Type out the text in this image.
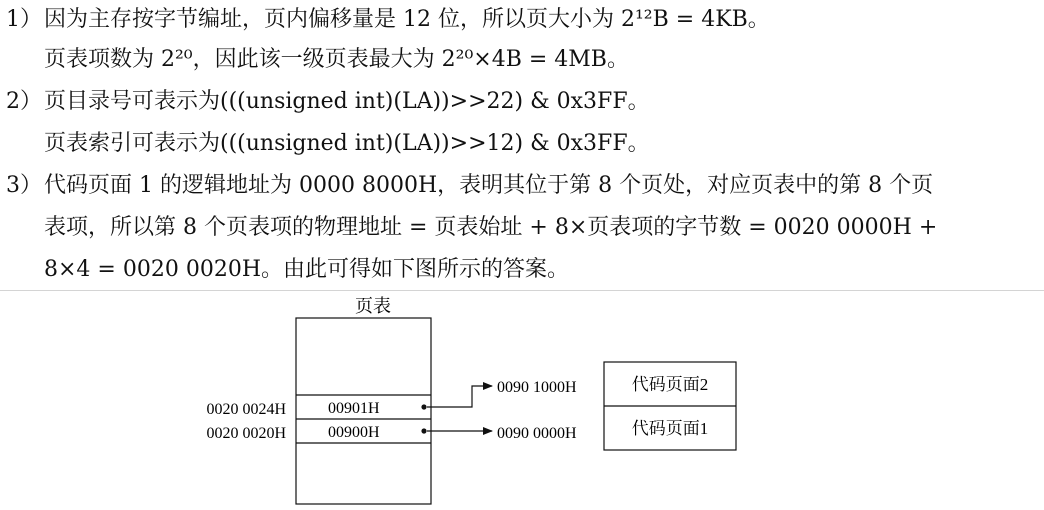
1） 因为主存按字节编址，页内偏移量是 12 位，所以页大小为 2¹²B = 4KB。
页表项数为 2²⁰，因此该一级页表最大为 2²⁰×4B = 4MB。
2） 页目录号可表示为(((unsigned int)(LA))>>22) & 0x3FF。
页表索引可表示为(((unsigned int)(LA))>>12) & 0x3FF。
3） 代码页面 1 的逻辑地址为 0000 8000H，表明其位于第 8 个页处，对应页表中的第 8 个页
表项，所以第 8 个页表项的物理地址 = 页表始址 + 8×页表项的字节数 = 0020 0000H +
8×4 = 0020 0020H。由此可得如下图所示的答案。
页表
0020 0024H
0020 0020H
00901H
00900H
0090 1000H
0090 0000H
代码页面2
代码页面1
